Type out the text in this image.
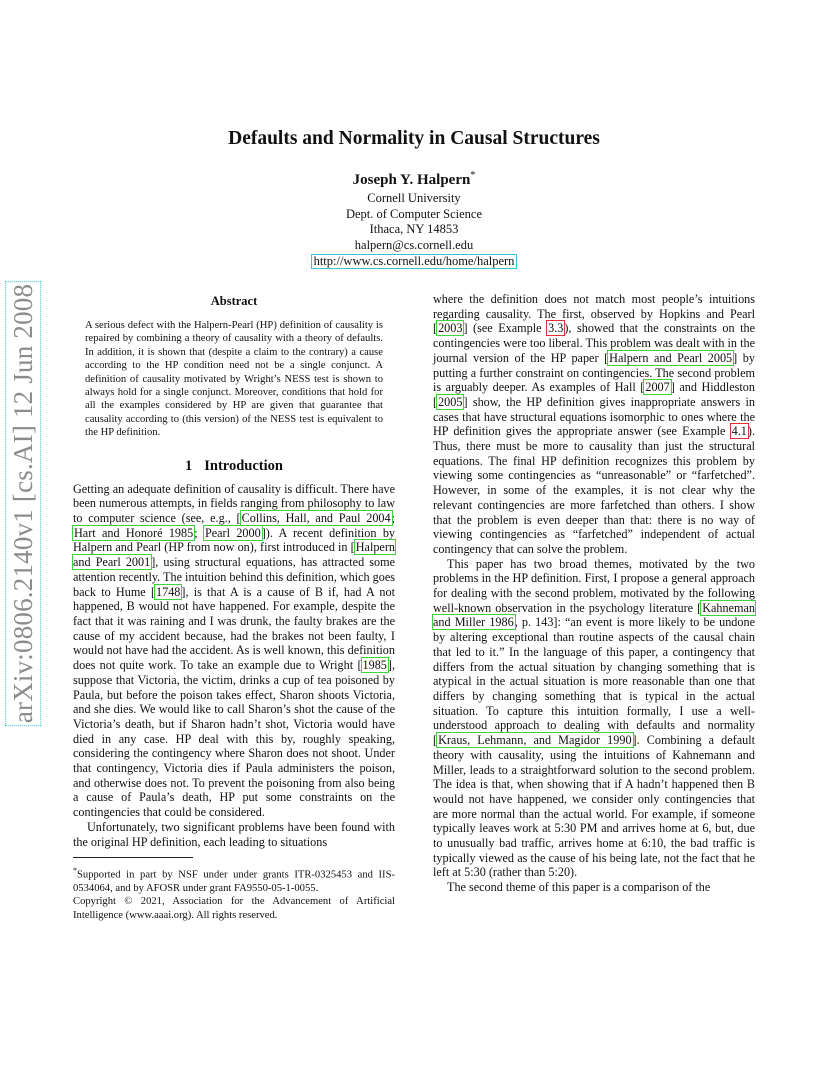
arXiv:0806.2140v1 [cs.AI] 12 Jun 2008
Defaults and Normality in Causal Structures
Joseph Y. Halpern*
Cornell University
Dept. of Computer Science
Ithaca, NY 14853
halpern@cs.cornell.edu
http://www.cs.cornell.edu/home/halpern
Abstract

A serious defect with the Halpern-Pearl (HP) definition of causality is repaired by combining a theory of causality with a theory of defaults. In addition, it is shown that (despite a claim to the contrary) a cause according to the HP condition need not be a single conjunct. A definition of causality motivated by Wright’s NESS test is shown to always hold for a single conjunct. Moreover, conditions that hold for all the examples considered by HP are given that guarantee that causality according to (this version) of the NESS test is equivalent to the HP definition.

1 Introduction

Getting an adequate definition of causality is difficult. There have been numerous attempts, in fields ranging from philosophy to law to computer science (see, e.g., [Collins, Hall, and Paul 2004; Hart and Honoré 1985; Pearl 2000]). A recent definition by Halpern and Pearl (HP from now on), first introduced in [Halpern and Pearl 2001], using structural equations, has attracted some attention recently. The intuition behind this definition, which goes back to Hume [1748], is that A is a cause of B if, had A not happened, B would not have happened. For example, despite the fact that it was raining and I was drunk, the faulty brakes are the cause of my accident because, had the brakes not been faulty, I would not have had the accident. As is well known, this definition does not quite work. To take an example due to Wright [1985], suppose that Victoria, the victim, drinks a cup of tea poisoned by Paula, but before the poison takes effect, Sharon shoots Victoria, and she dies. We would like to call Sharon’s shot the cause of the Victoria’s death, but if Sharon hadn’t shot, Victoria would have died in any case. HP deal with this by, roughly speaking, considering the contingency where Sharon does not shoot. Under that contingency, Victoria dies if Paula administers the poison, and otherwise does not. To prevent the poisoning from also being a cause of Paula’s death, HP put some constraints on the contingencies that could be considered.

Unfortunately, two significant problems have been found with the original HP definition, each leading to situations

*Supported in part by NSF under under grants ITR-0325453 and IIS-0534064, and by AFOSR under grant FA9550-05-1-0055.

Copyright © 2021, Association for the Advancement of Artificial Intelligence (www.aaai.org). All rights reserved.

where the definition does not match most people’s intuitions regarding causality. The first, observed by Hopkins and Pearl [2003] (see Example 3.3), showed that the constraints on the contingencies were too liberal. This problem was dealt with in the journal version of the HP paper [Halpern and Pearl 2005] by putting a further constraint on contingencies. The second problem is arguably deeper. As examples of Hall [2007] and Hiddleston [2005] show, the HP definition gives inappropriate answers in cases that have structural equations isomorphic to ones where the HP definition gives the appropriate answer (see Example 4.1). Thus, there must be more to causality than just the structural equations. The final HP definition recognizes this problem by viewing some contingencies as “unreasonable” or “farfetched”. However, in some of the examples, it is not clear why the relevant contingencies are more farfetched than others. I show that the problem is even deeper than that: there is no way of viewing contingencies as “farfetched” independent of actual contingency that can solve the problem.

This paper has two broad themes, motivated by the two problems in the HP definition. First, I propose a general approach for dealing with the second problem, motivated by the following well-known observation in the psychology literature [Kahneman and Miller 1986, p. 143]: “an event is more likely to be undone by altering exceptional than routine aspects of the causal chain that led to it.” In the language of this paper, a contingency that differs from the actual situation by changing something that is atypical in the actual situation is more reasonable than one that differs by changing something that is typical in the actual situation. To capture this intuition formally, I use a well-understood approach to dealing with defaults and normality [Kraus, Lehmann, and Magidor 1990]. Combining a default theory with causality, using the intuitions of Kahnemann and Miller, leads to a straightforward solution to the second problem. The idea is that, when showing that if A hadn’t happened then B would not have happened, we consider only contingencies that are more normal than the actual world. For example, if someone typically leaves work at 5:30 PM and arrives home at 6, but, due to unusually bad traffic, arrives home at 6:10, the bad traffic is typically viewed as the cause of his being late, not the fact that he left at 5:30 (rather than 5:20).

The second theme of this paper is a comparison of the
